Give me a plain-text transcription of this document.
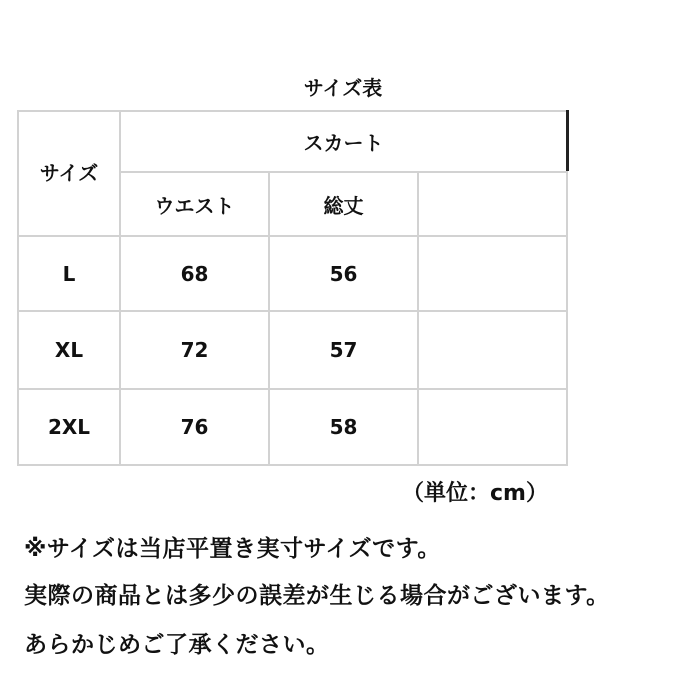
サイズ表
サイズ
スカート
ウエスト	総丈
L	68	56
XL	72	57
2XL	76	58
（単位：cm）
※サイズは当店平置き実寸サイズです。
実際の商品とは多少の誤差が生じる場合がございます。
あらかじめご了承ください。
